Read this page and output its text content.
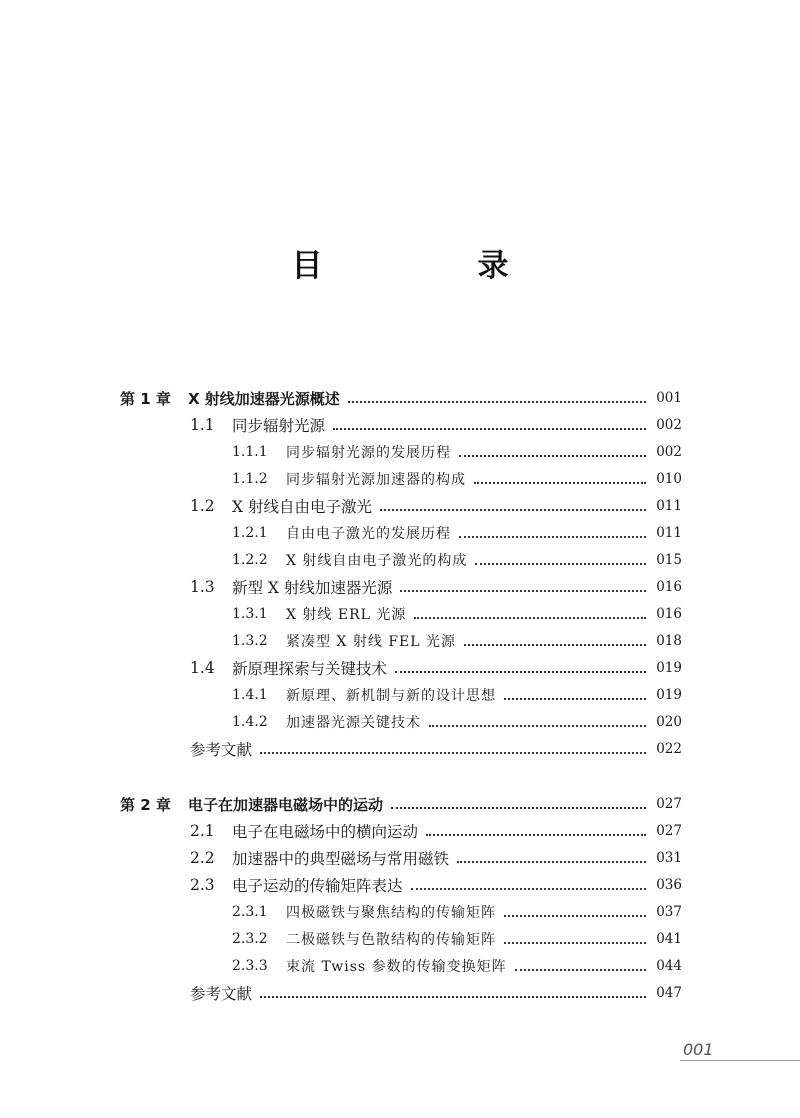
目　录
第 1 章	X 射线加速器光源概述	001
1.1	同步辐射光源	002
1.1.1	同步辐射光源的发展历程	002
1.1.2	同步辐射光源加速器的构成	010
1.2	X 射线自由电子激光	011
1.2.1	自由电子激光的发展历程	011
1.2.2	X 射线自由电子激光的构成	015
1.3	新型 X 射线加速器光源	016
1.3.1	X 射线 ERL 光源	016
1.3.2	紧凑型 X 射线 FEL 光源	018
1.4	新原理探索与关键技术	019
1.4.1	新原理、新机制与新的设计思想	019
1.4.2	加速器光源关键技术	020
参考文献	022
第 2 章	电子在加速器电磁场中的运动	027
2.1	电子在电磁场中的横向运动	027
2.2	加速器中的典型磁场与常用磁铁	031
2.3	电子运动的传输矩阵表达	036
2.3.1	四极磁铁与聚焦结构的传输矩阵	037
2.3.2	二极磁铁与色散结构的传输矩阵	041
2.3.3	束流 Twiss 参数的传输变换矩阵	044
参考文献	047
001
